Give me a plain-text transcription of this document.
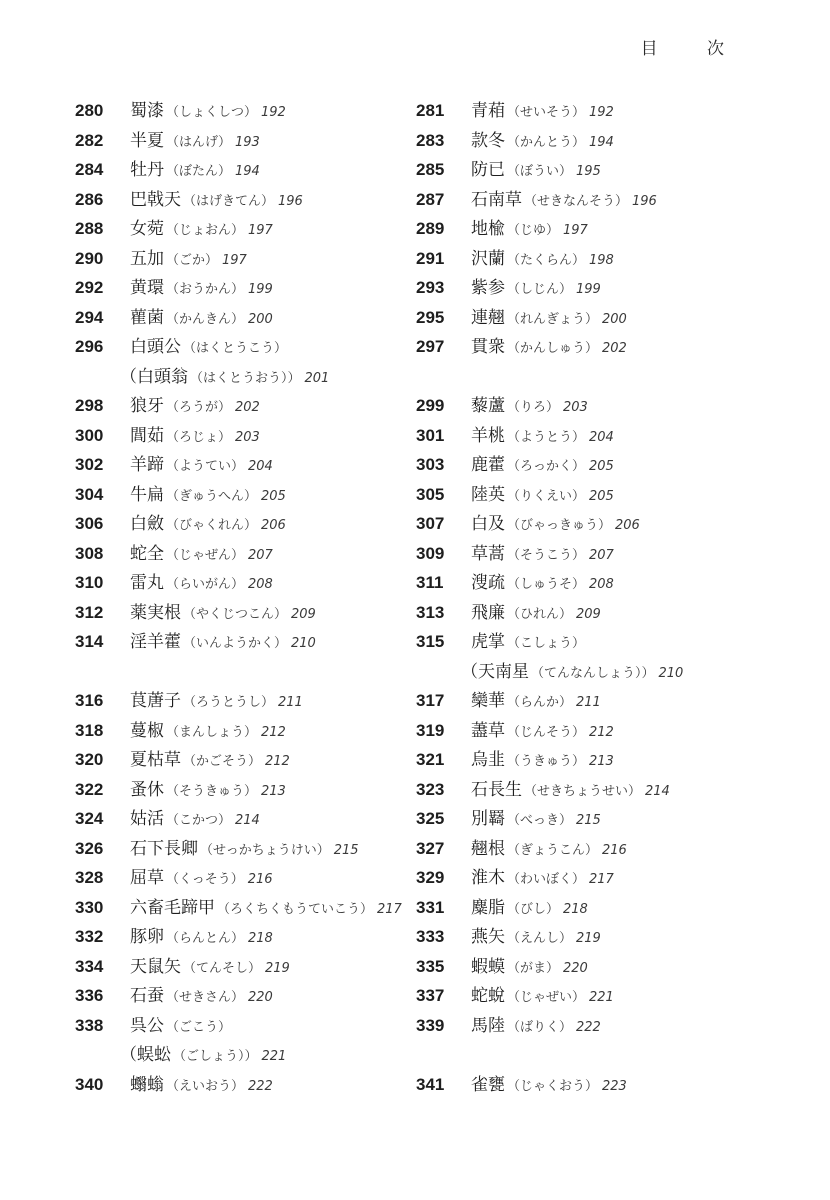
目 次
280 蜀漆 （しょくしつ） 192
282 半夏 （はんげ） 193
284 牡丹 （ぼたん） 194
286 巴戟天 （はげきてん） 196
288 女菀 （じょおん） 197
290 五加 （ごか） 197
292 黄環 （おうかん） 199
294 雚菌 （かんきん） 200
296 白頭公 （はくとうこう）
（白頭翁 （はくとうおう）） 201
298 狼牙 （ろうが） 202
300 閭茹 （ろじょ） 203
302 羊蹄 （ようてい） 204
304 牛扁 （ぎゅうへん） 205
306 白斂 （びゃくれん） 206
308 蛇全 （じゃぜん） 207
310 雷丸 （らいがん） 208
312 薬実根 （やくじつこん） 209
314 淫羊藿 （いんようかく） 210
316 茛蓎子 （ろうとうし） 211
318 蔓椒 （まんしょう） 212
320 夏枯草 （かごそう） 212
322 蚤休 （そうきゅう） 213
324 姑活 （こかつ） 214
326 石下長卿 （せっかちょうけい） 215
328 屈草 （くっそう） 216
330 六畜毛蹄甲 （ろくちくもうていこう） 217
332 豚卵 （らんとん） 218
334 天鼠矢 （てんそし） 219
336 石蚕 （せきさん） 220
338 呉公 （ごこう）
（蜈蚣 （ごしょう）） 221
340 蠮螉 （えいおう） 222
281 青葙 （せいそう） 192
283 款冬 （かんとう） 194
285 防已 （ぼうい） 195
287 石南草 （せきなんそう） 196
289 地楡 （じゆ） 197
291 沢蘭 （たくらん） 198
293 紫参 （しじん） 199
295 連翹 （れんぎょう） 200
297 貫衆 （かんしゅう） 202
299 藜蘆 （りろ） 203
301 羊桃 （ようとう） 204
303 鹿藿 （ろっかく） 205
305 陸英 （りくえい） 205
307 白及 （びゃっきゅう） 206
309 草蒿 （そうこう） 207
311 溲疏 （しゅうそ） 208
313 飛廉 （ひれん） 209
315 虎掌 （こしょう）
（天南星 （てんなんしょう）） 210
317 欒華 （らんか） 211
319 藎草 （じんそう） 212
321 烏韭 （うきゅう） 213
323 石長生 （せきちょうせい） 214
325 別羇 （べっき） 215
327 翹根 （ぎょうこん） 216
329 淮木 （わいぼく） 217
331 麋脂 （びし） 218
333 燕矢 （えんし） 219
335 蝦蟆 （がま） 220
337 蛇蛻 （じゃぜい） 221
339 馬陸 （ばりく） 222
341 雀甕 （じゃくおう） 223
